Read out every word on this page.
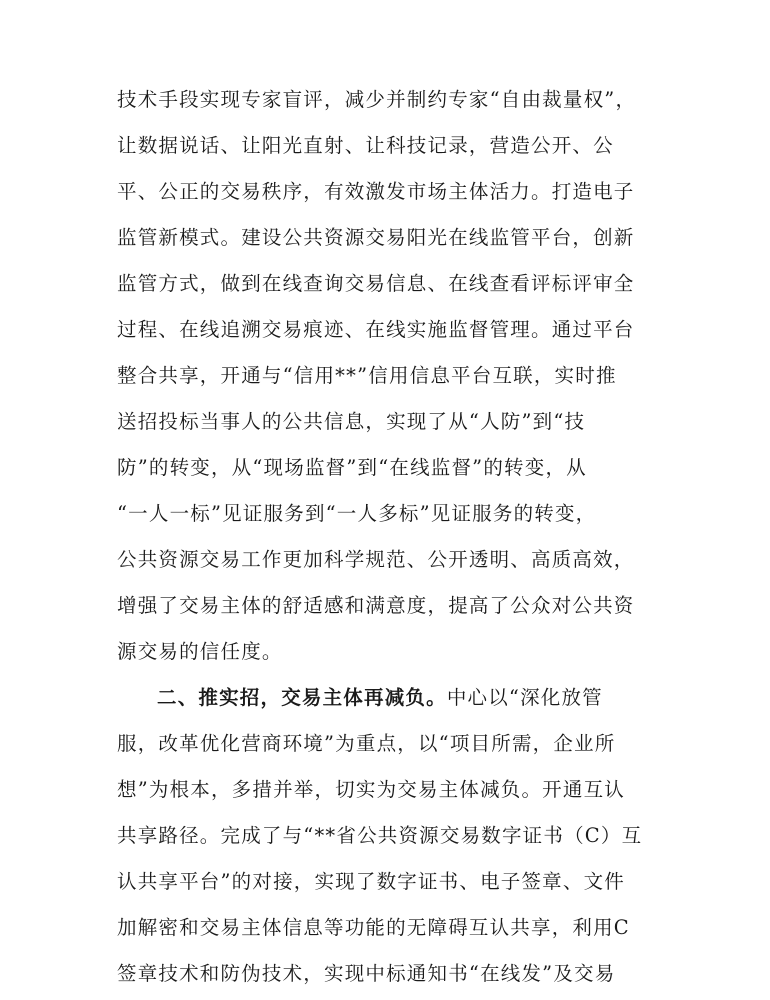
技术手段实现专家盲评，减少并制约专家“自由裁量权”，
让数据说话、让阳光直射、让科技记录，营造公开、公
平、公正的交易秩序，有效激发市场主体活力。打造电子
监管新模式。建设公共资源交易阳光在线监管平台，创新
监管方式，做到在线查询交易信息、在线查看评标评审全
过程、在线追溯交易痕迹、在线实施监督管理。通过平台
整合共享，开通与“信用**”信用信息平台互联，实时推
送招投标当事人的公共信息，实现了从“人防”到“技
防”的转变，从“现场监督”到“在线监督”的转变，从
“一人一标”见证服务到“一人多标”见证服务的转变，
公共资源交易工作更加科学规范、公开透明、高质高效，
增强了交易主体的舒适感和满意度，提高了公众对公共资
源交易的信任度。
二、推实招，交易主体再减负。中心以“深化放管
服，改革优化营商环境”为重点，以“项目所需，企业所
想”为根本，多措并举，切实为交易主体减负。开通互认
共享路径。完成了与“**省公共资源交易数字证书（C）互
认共享平台”的对接，实现了数字证书、电子签章、文件
加解密和交易主体信息等功能的无障碍互认共享，利用C
签章技术和防伪技术，实现中标通知书“在线发”及交易
